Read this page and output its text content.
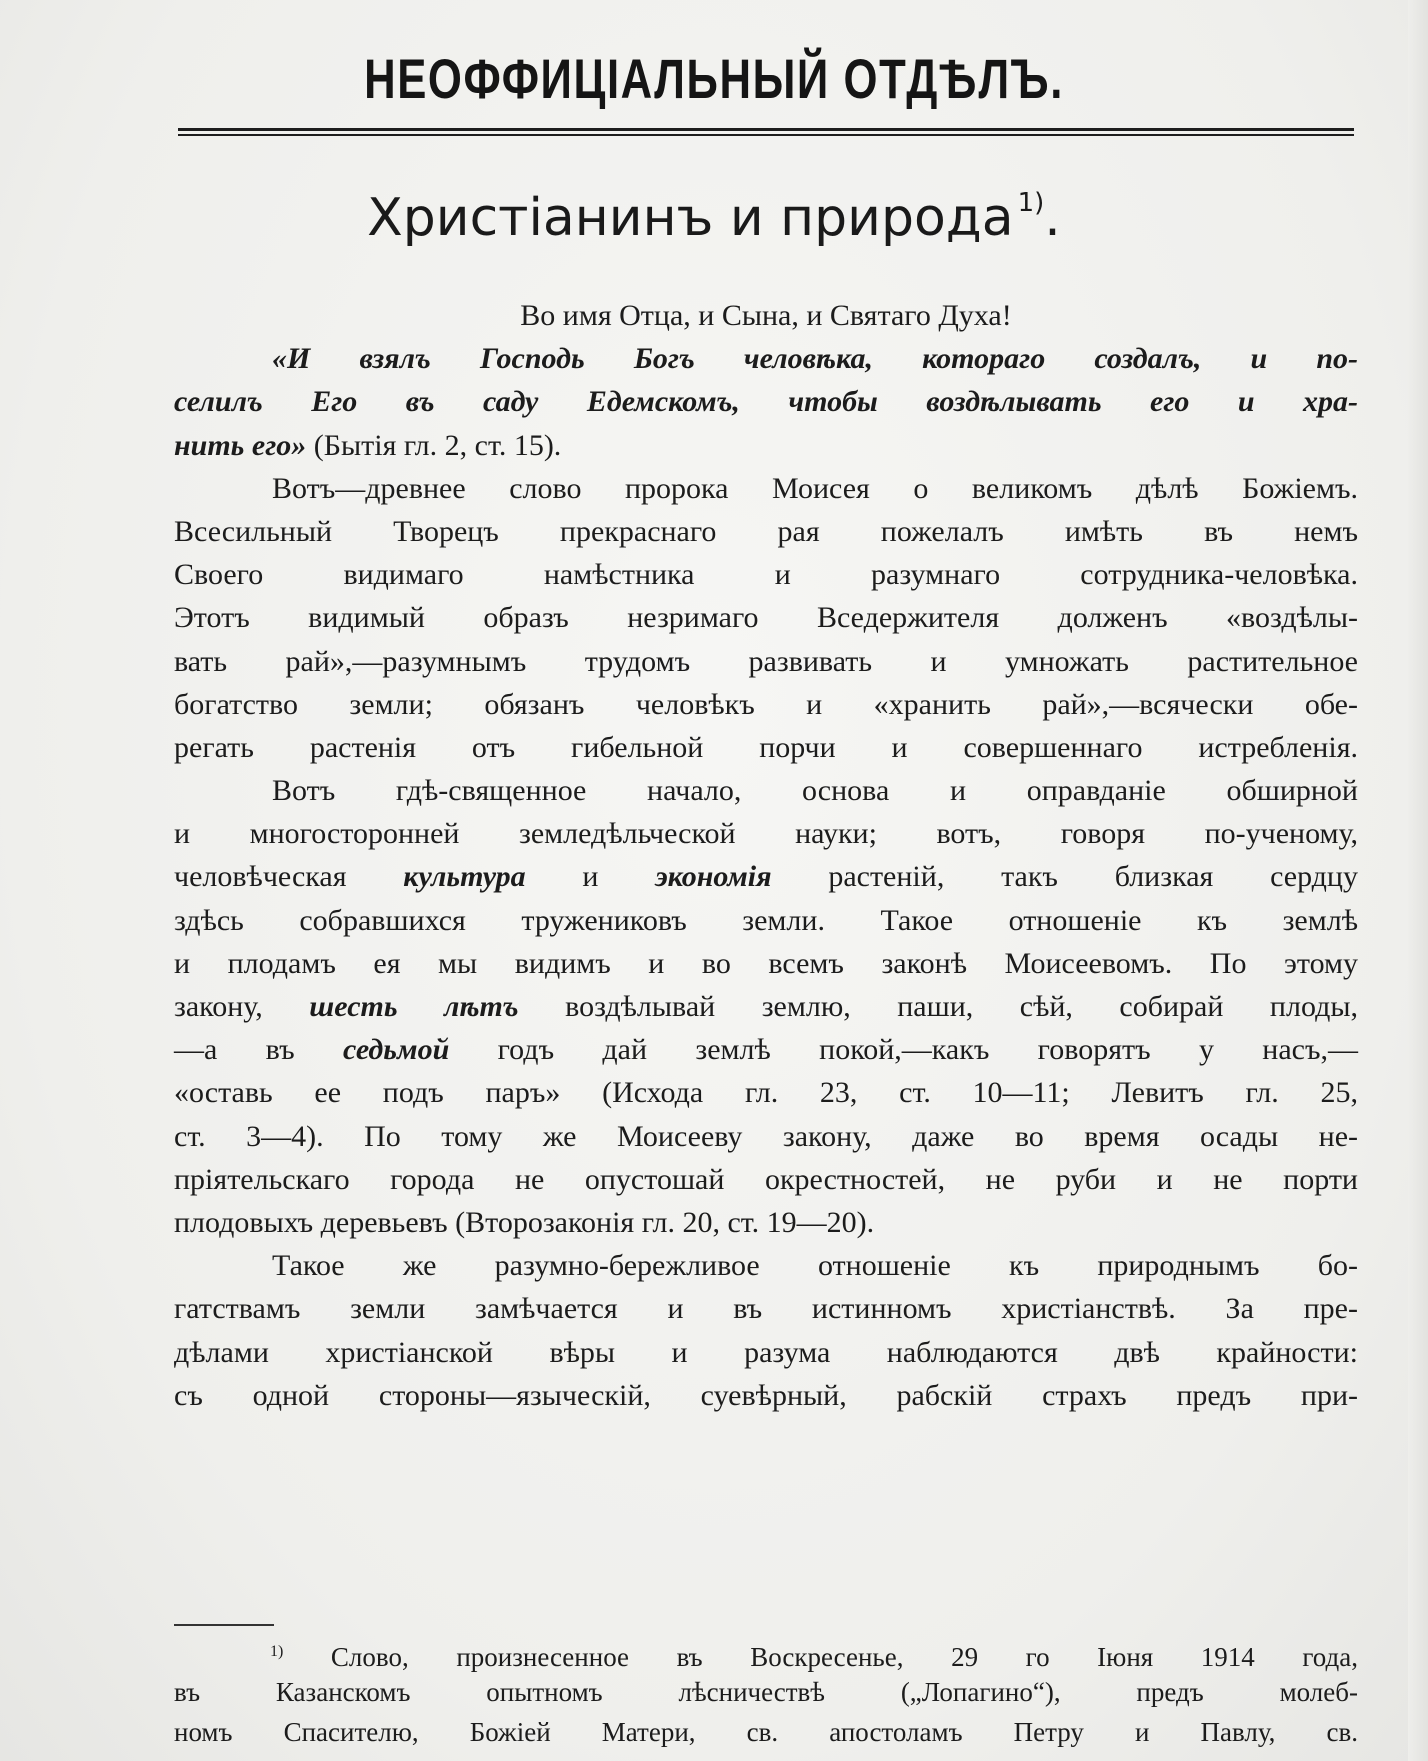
НЕОФФИЦІАЛЬНЫЙ ОТДѢЛЪ.
Христіанинъ и природа $^{1)}$.
Во имя Отца, и Сына, и Святаго Духа!
«И взялъ Господь Богъ человѣка, котораго создалъ, и по-
селилъ Его въ саду Едемскомъ, чтобы воздѣлывать его и хра-
нить его» (Бытія гл. 2, ст. 15).
Вотъ—древнее слово пророка Моисея о великомъ дѣлѣ Божіемъ.
Всесильный Творецъ прекраснаго рая пожелалъ имѣть въ немъ
Своего видимаго намѣстника и разумнаго сотрудника-человѣка.
Этотъ видимый образъ незримаго Вседержителя долженъ «воздѣлы-
вать рай»,—разумнымъ трудомъ развивать и умножать растительное
богатство земли; обязанъ человѣкъ и «хранить рай»,—всячески обе-
регать растенія отъ гибельной порчи и совершеннаго истребленія.
Вотъ гдѣ-священное начало, основа и оправданіе обширной
и многосторонней земледѣльческой науки; вотъ, говоря по-ученому,
человѣческая культура и экономія растеній, такъ близкая сердцу
здѣсь собравшихся тружениковъ земли. Такое отношеніе къ землѣ
и плодамъ ея мы видимъ и во всемъ законѣ Моисеевомъ. По этому
закону, шесть лѣтъ воздѣлывай землю, паши, сѣй, собирай плоды,
—а въ седьмой годъ дай землѣ покой,—какъ говорятъ у насъ,—
«оставь ее подъ паръ» (Исхода гл. 23, ст. 10—11; Левитъ гл. 25,
ст. 3—4). По тому же Моисееву закону, даже во время осады не-
пріятельскаго города не опустошай окрестностей, не руби и не порти
плодовыхъ деревьевъ (Второзаконія гл. 20, ст. 19—20).
Такое же разумно-бережливое отношеніе къ природнымъ бо-
гатствамъ земли замѣчается и въ истинномъ христіанствѣ. За пре-
дѣлами христіанской вѣры и разума наблюдаются двѣ крайности:
съ одной стороны—языческій, суевѣрный, рабскій страхъ предъ при-
$^{1)}$ Слово, произнесенное въ Воскресенье, 29 го Іюня 1914 года,
въ Казанскомъ опытномъ лѣсничествѣ („Лопагино“), предъ молеб-
номъ Спасителю, Божіей Матери, св. апостоламъ Петру и Павлу, св.
